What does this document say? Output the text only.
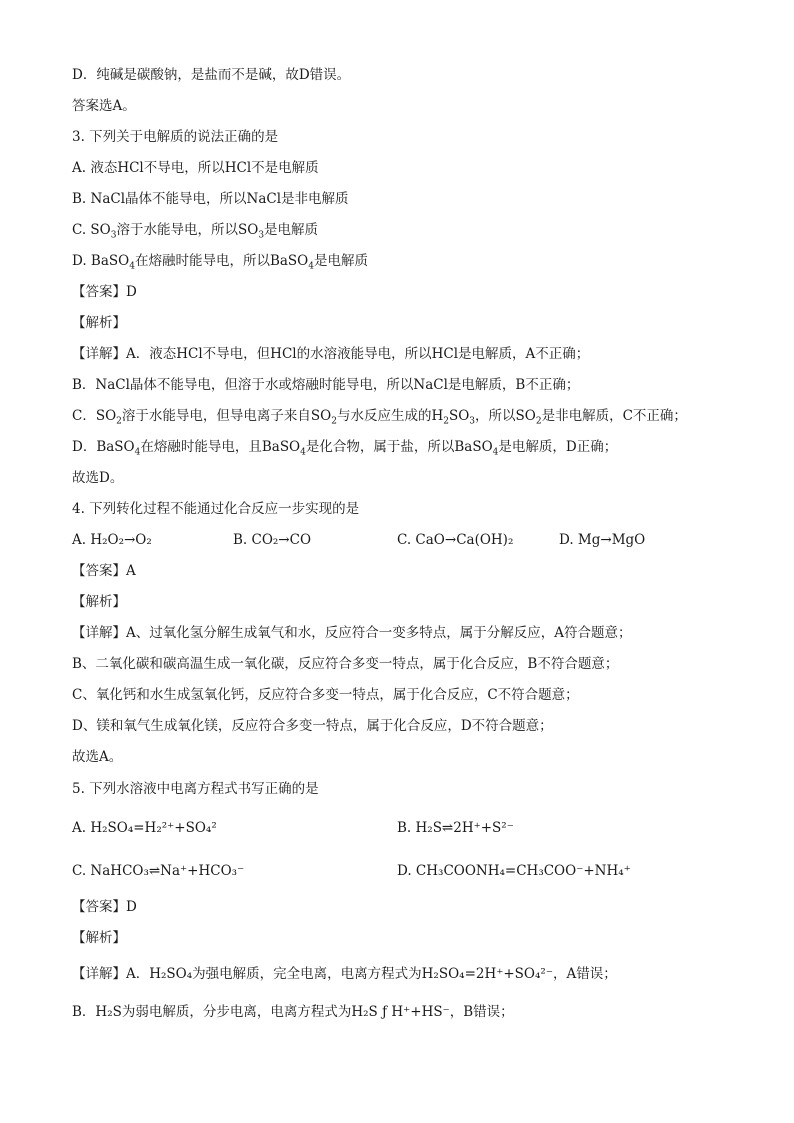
D．纯碱是碳酸钠，是盐而不是碱，故D错误。
答案选A。
3. 下列关于电解质的说法正确的是
A. 液态HCl不导电，所以HCl不是电解质
B. NaCl晶体不能导电，所以NaCl是非电解质
C. $SO_3$溶于水能导电，所以$SO_3$是电解质
D. BaSO$_4$在熔融时能导电，所以BaSO$_4$是电解质
【答案】D
【解析】
【详解】A．液态HCl不导电，但HCl的水溶液能导电，所以HCl是电解质，A不正确；
B．NaCl晶体不能导电，但溶于水或熔融时能导电，所以NaCl是电解质，B不正确；
C．$SO_2$溶于水能导电，但导电离子来自$SO_2$与水反应生成的$H_2SO_3$，所以$SO_2$是非电解质，C不正确；
D．BaSO$_4$在熔融时能导电，且BaSO$_4$是化合物，属于盐，所以BaSO$_4$是电解质，D正确；
故选D。
4. 下列转化过程不能通过化合反应一步实现的是
A. H₂O₂→O₂	B. CO₂→CO	C. CaO→Ca(OH)₂	D. Mg→MgO
【答案】A
【解析】
【详解】A、过氧化氢分解生成氧气和水，反应符合一变多特点，属于分解反应，A符合题意；
B、二氧化碳和碳高温生成一氧化碳，反应符合多变一特点，属于化合反应，B不符合题意；
C、氧化钙和水生成氢氧化钙，反应符合多变一特点，属于化合反应，C不符合题意；
D、镁和氧气生成氧化镁，反应符合多变一特点，属于化合反应，D不符合题意；
故选A。
5. 下列水溶液中电离方程式书写正确的是
A. H₂SO₄=H₂²⁺+SO₄²	B. H₂S⇌2H⁺+S²⁻
C. NaHCO₃⇌Na⁺+HCO₃⁻	D. CH₃COONH₄=CH₃COO⁻+NH₄⁺
【答案】D
【解析】
【详解】A．H₂SO₄为强电解质，完全电离，电离方程式为H₂SO₄=2H⁺+SO₄²⁻，A错误；
B．H₂S为弱电解质，分步电离，电离方程式为H₂S ƒ H⁺+HS⁻，B错误；
